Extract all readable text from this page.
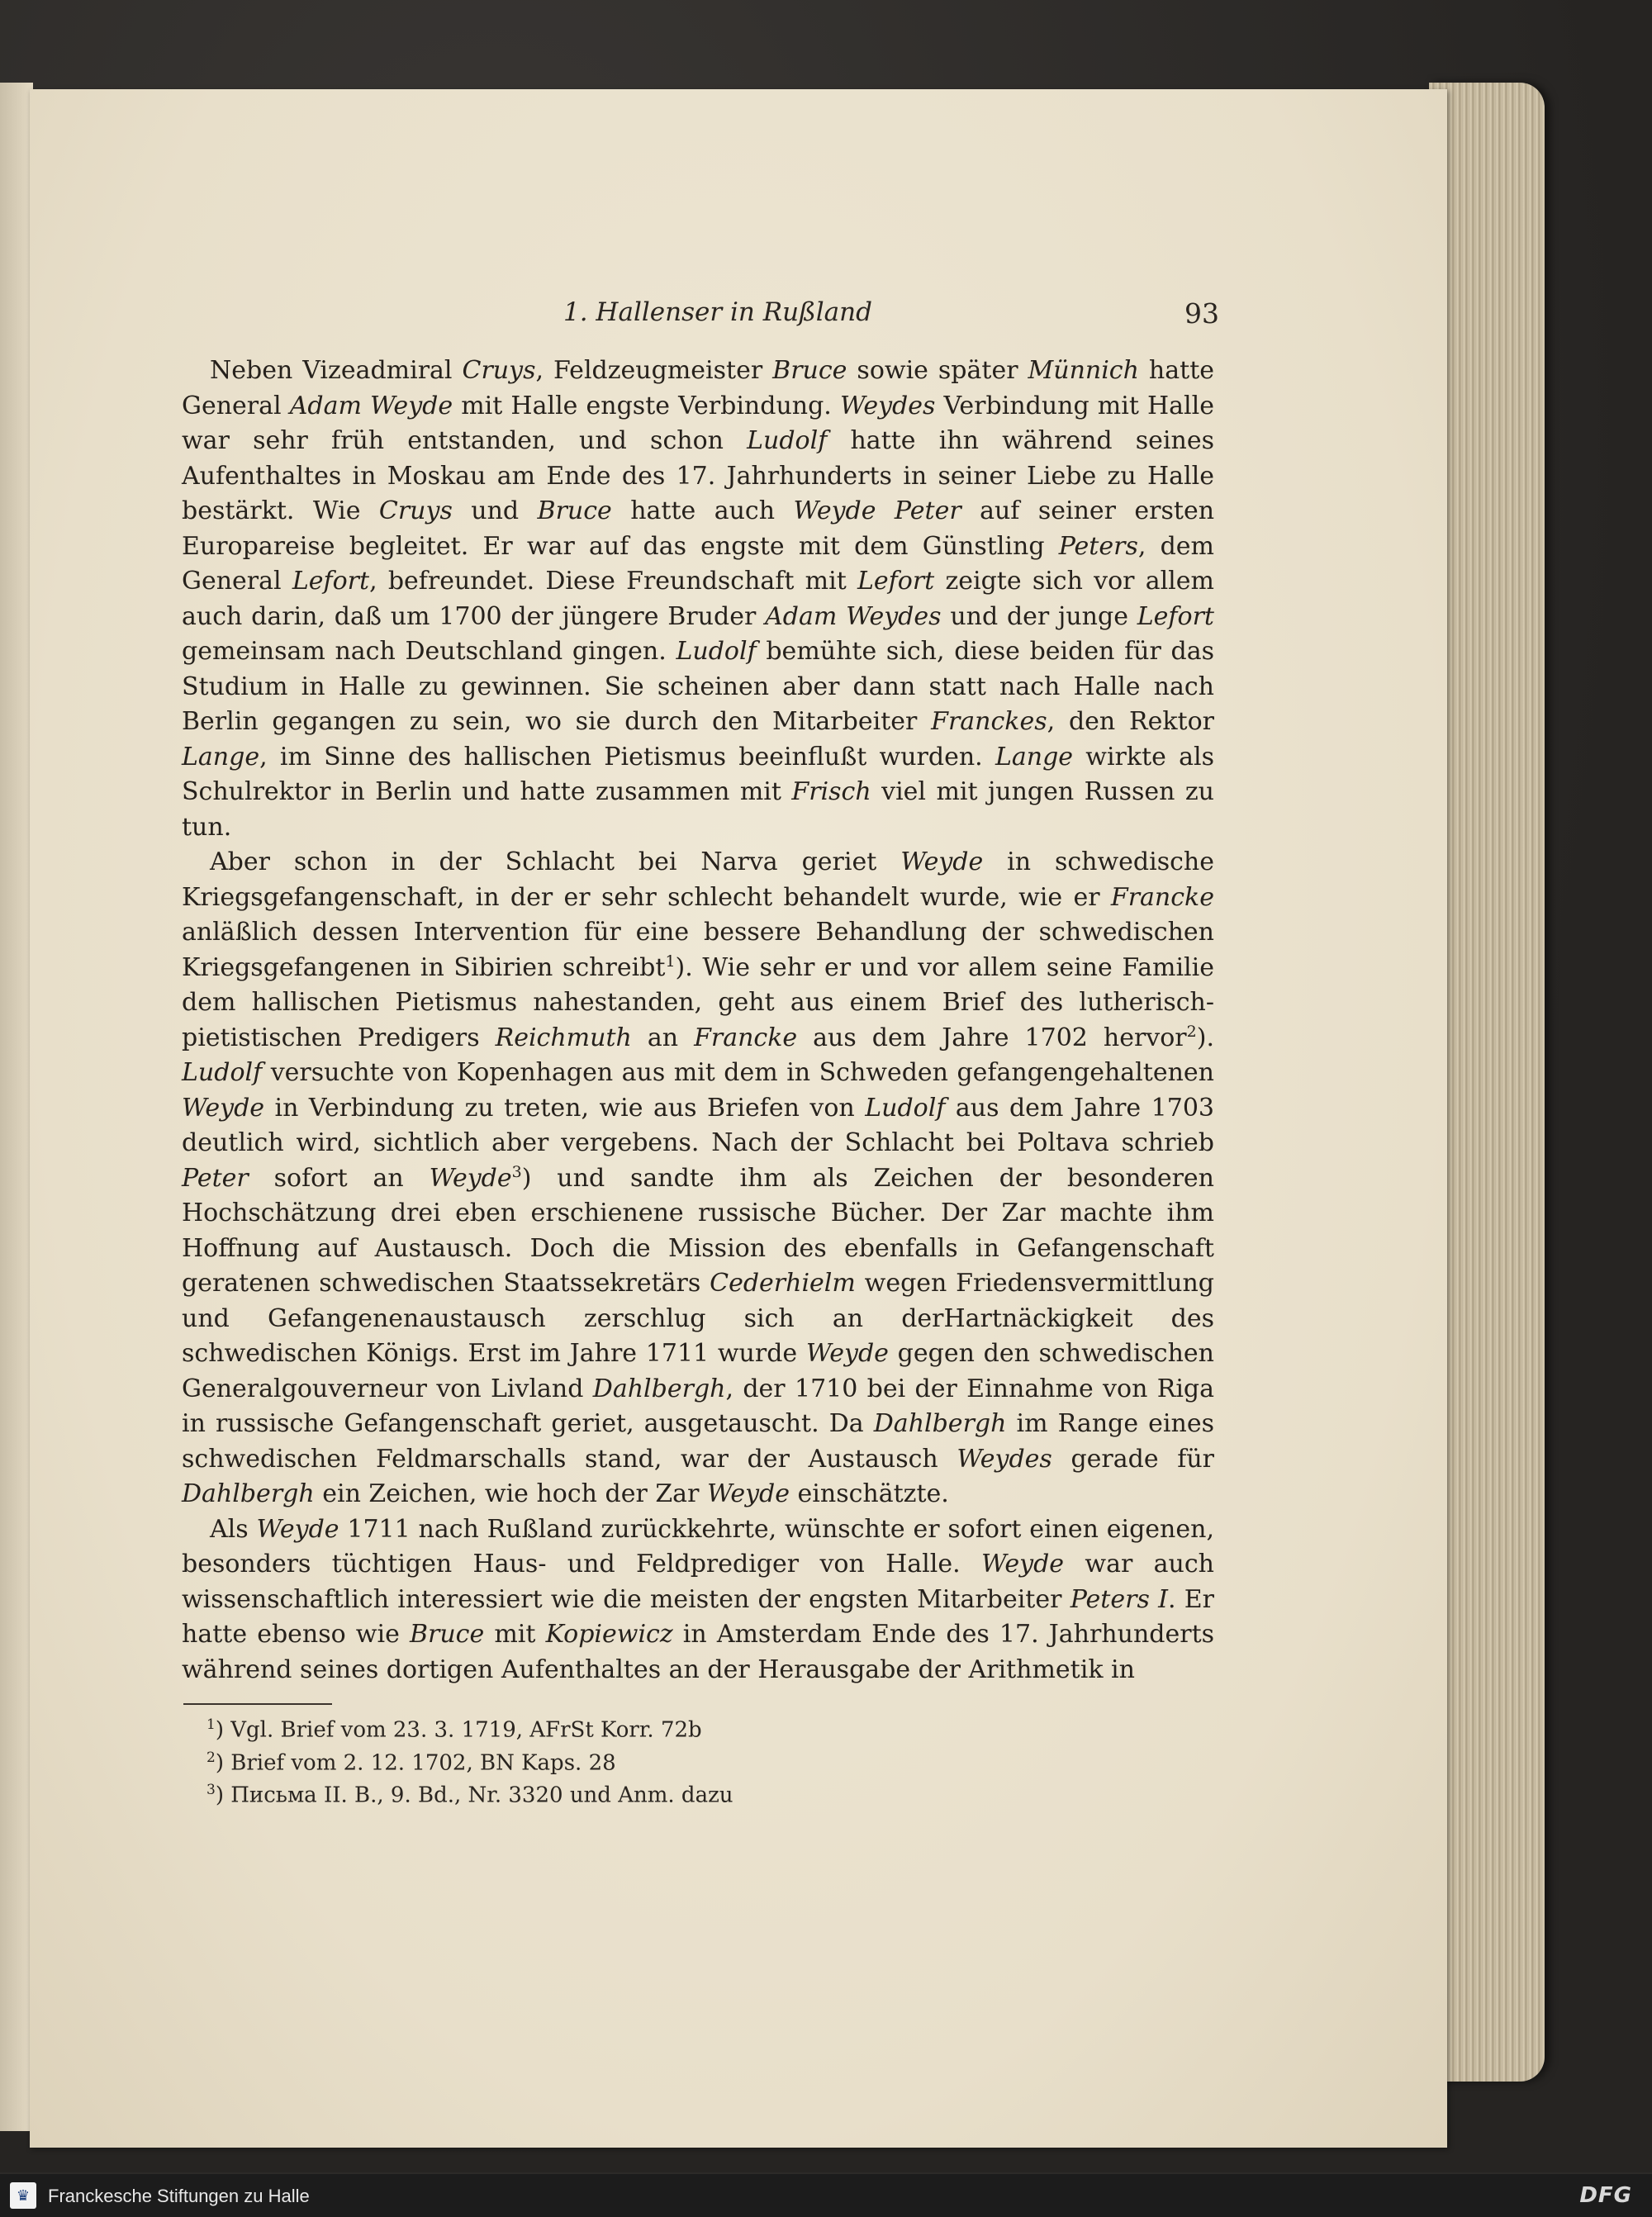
1. Hallenser in Rußland	93

Neben Vizeadmiral Cruys, Feldzeugmeister Bruce sowie später Münnich hatte General Adam Weyde mit Halle engste Verbindung. Weydes Verbindung mit Halle war sehr früh entstanden, und schon Ludolf hatte ihn während seines Aufenthaltes in Moskau am Ende des 17. Jahrhunderts in seiner Liebe zu Halle bestärkt. Wie Cruys und Bruce hatte auch Weyde Peter auf seiner ersten Europareise begleitet. Er war auf das engste mit dem Günstling Peters, dem General Lefort, befreundet. Diese Freundschaft mit Lefort zeigte sich vor allem auch darin, daß um 1700 der jüngere Bruder Adam Weydes und der junge Lefort gemeinsam nach Deutschland gingen. Ludolf bemühte sich, diese beiden für das Studium in Halle zu gewinnen. Sie scheinen aber dann statt nach Halle nach Berlin gegangen zu sein, wo sie durch den Mitarbeiter Franckes, den Rektor Lange, im Sinne des hallischen Pietismus beeinflußt wurden. Lange wirkte als Schulrektor in Berlin und hatte zusammen mit Frisch viel mit jungen Russen zu tun.

Aber schon in der Schlacht bei Narva geriet Weyde in schwedische Kriegsgefangenschaft, in der er sehr schlecht behandelt wurde, wie er Francke anläßlich dessen Intervention für eine bessere Behandlung der schwedischen Kriegsgefangenen in Sibirien schreibt$^1$). Wie sehr er und vor allem seine Familie dem hallischen Pietismus nahestanden, geht aus einem Brief des lutherisch-pietistischen Predigers Reichmuth an Francke aus dem Jahre 1702 hervor$^2$). Ludolf versuchte von Kopenhagen aus mit dem in Schweden gefangengehaltenen Weyde in Verbindung zu treten, wie aus Briefen von Ludolf aus dem Jahre 1703 deutlich wird, sichtlich aber vergebens. Nach der Schlacht bei Poltava schrieb Peter sofort an Weyde$^3$) und sandte ihm als Zeichen der besonderen Hochschätzung drei eben erschienene russische Bücher. Der Zar machte ihm Hoffnung auf Austausch. Doch die Mission des ebenfalls in Gefangenschaft geratenen schwedischen Staatssekretärs Cederhielm wegen Friedensvermittlung und Gefangenenaustausch zerschlug sich an derHartnäckigkeit des schwedischen Königs. Erst im Jahre 1711 wurde Weyde gegen den schwedischen Generalgouverneur von Livland Dahlbergh, der 1710 bei der Einnahme von Riga in russische Gefangenschaft geriet, ausgetauscht. Da Dahlbergh im Range eines schwedischen Feldmarschalls stand, war der Austausch Weydes gerade für Dahlbergh ein Zeichen, wie hoch der Zar Weyde einschätzte.

Als Weyde 1711 nach Rußland zurückkehrte, wünschte er sofort einen eigenen, besonders tüchtigen Haus- und Feldprediger von Halle. Weyde war auch wissenschaftlich interessiert wie die meisten der engsten Mitarbeiter Peters I. Er hatte ebenso wie Bruce mit Kopiewicz in Amsterdam Ende des 17. Jahrhunderts während seines dortigen Aufenthaltes an der Herausgabe der Arithmetik in

$^1$) Vgl. Brief vom 23. 3. 1719, AFrSt Korr. 72b
$^2$) Brief vom 2. 12. 1702, BN Kaps. 28
$^3$) Письма II. B., 9. Bd., Nr. 3320 und Anm. dazu
♛ Franckesche Stiftungen zu Halle	DFG
